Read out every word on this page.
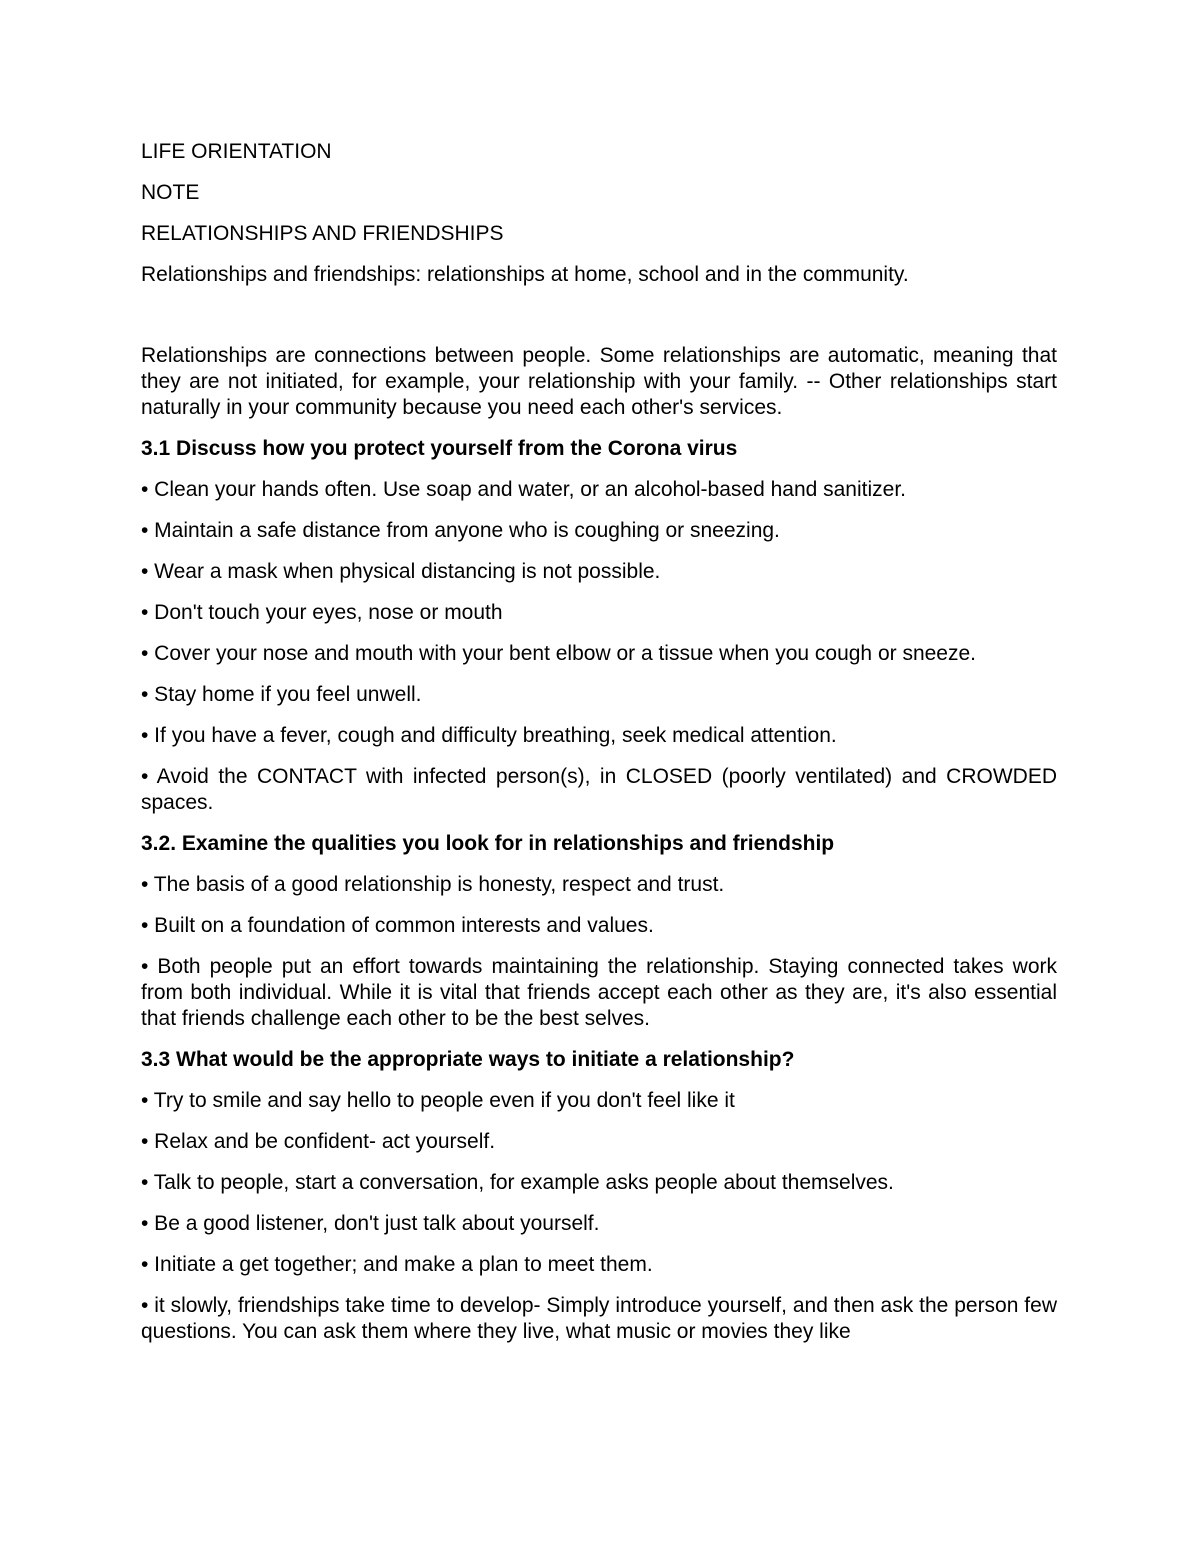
LIFE ORIENTATION

NOTE

RELATIONSHIPS AND FRIENDSHIPS

Relationships and friendships: relationships at home, school and in the community.

Relationships are connections between people. Some relationships are automatic, meaning that they are not initiated, for example, your relationship with your family. -- Other relationships start naturally in your community because you need each other's services.

3.1 Discuss how you protect yourself from the Corona virus

• Clean your hands often. Use soap and water, or an alcohol-based hand sanitizer.

• Maintain a safe distance from anyone who is coughing or sneezing.

• Wear a mask when physical distancing is not possible.

• Don't touch your eyes, nose or mouth

• Cover your nose and mouth with your bent elbow or a tissue when you cough or sneeze.

• Stay home if you feel unwell.

• If you have a fever, cough and difficulty breathing, seek medical attention.

• Avoid the CONTACT with infected person(s), in CLOSED (poorly ventilated) and CROWDED spaces.

3.2. Examine the qualities you look for in relationships and friendship

• The basis of a good relationship is honesty, respect and trust.

• Built on a foundation of common interests and values.

• Both people put an effort towards maintaining the relationship. Staying connected takes work from both individual. While it is vital that friends accept each other as they are, it's also essential that friends challenge each other to be the best selves.

3.3 What would be the appropriate ways to initiate a relationship?

• Try to smile and say hello to people even if you don't feel like it

• Relax and be confident- act yourself.

• Talk to people, start a conversation, for example asks people about themselves.

• Be a good listener, don't just talk about yourself.

• Initiate a get together; and make a plan to meet them.

• it slowly, friendships take time to develop- Simply introduce yourself, and then ask the person few questions. You can ask them where they live, what music or movies they like
